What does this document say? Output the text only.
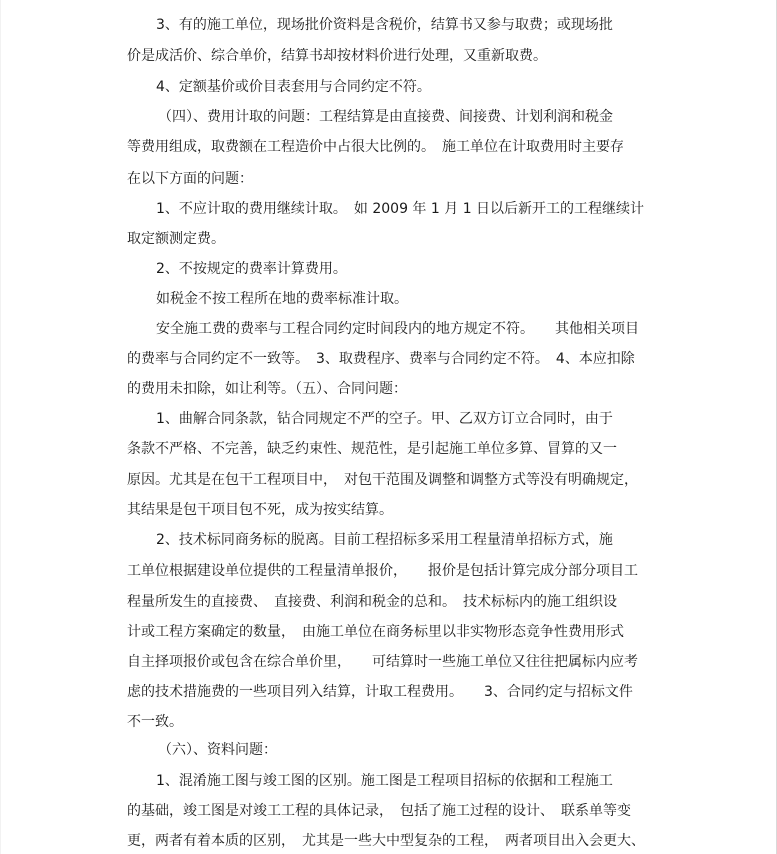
3、有的施工单位，现场批价资料是含税价，结算书又参与取费；或现场批
价是成活价、综合单价，结算书却按材料价进行处理，又重新取费。
4、定额基价或价目表套用与合同约定不符。
（四）、费用计取的问题：工程结算是由直接费、间接费、计划利润和税金
等费用组成，取费额在工程造价中占很大比例的。　施工单位在计取费用时主要存
在以下方面的问题：
1、不应计取的费用继续计取。　如 2009 年 1 月 1 日以后新开工的工程继续计
取定额测定费。
2、不按规定的费率计算费用。
如税金不按工程所在地的费率标准计取。
安全施工费的费率与工程合同约定时间段内的地方规定不符。　　其他相关项目
的费率与合同约定不一致等。　3、取费程序、费率与合同约定不符。　4、本应扣除
的费用未扣除，如让利等。（五）、合同问题：
1、曲解合同条款，钻合同规定不严的空子。甲、乙双方订立合同时，由于
条款不严格、不完善，缺乏约束性、规范性，是引起施工单位多算、冒算的又一
原因。尤其是在包干工程项目中，　对包干范围及调整和调整方式等没有明确规定，
其结果是包干项目包不死，成为按实结算。
2、技术标同商务标的脱离。目前工程招标多采用工程量清单招标方式，施
工单位根据建设单位提供的工程量清单报价，　　报价是包括计算完成分部分项目工
程量所发生的直接费、　直接费、利润和税金的总和。　技术标标内的施工组织设
计或工程方案确定的数量，　由施工单位在商务标里以非实物形态竞争性费用形式
自主择项报价或包含在综合单价里，　　可结算时一些施工单位又往往把属标内应考
虑的技术措施费的一些项目列入结算，计取工程费用。　　3、合同约定与招标文件
不一致。
（六）、资料问题：
1、混淆施工图与竣工图的区别。施工图是工程项目招标的依据和工程施工
的基础，竣工图是对竣工工程的具体记录，　包括了施工过程的设计、　联系单等变
更，两者有着本质的区别，　尤其是一些大中型复杂的工程，　两者项目出入会更大、
